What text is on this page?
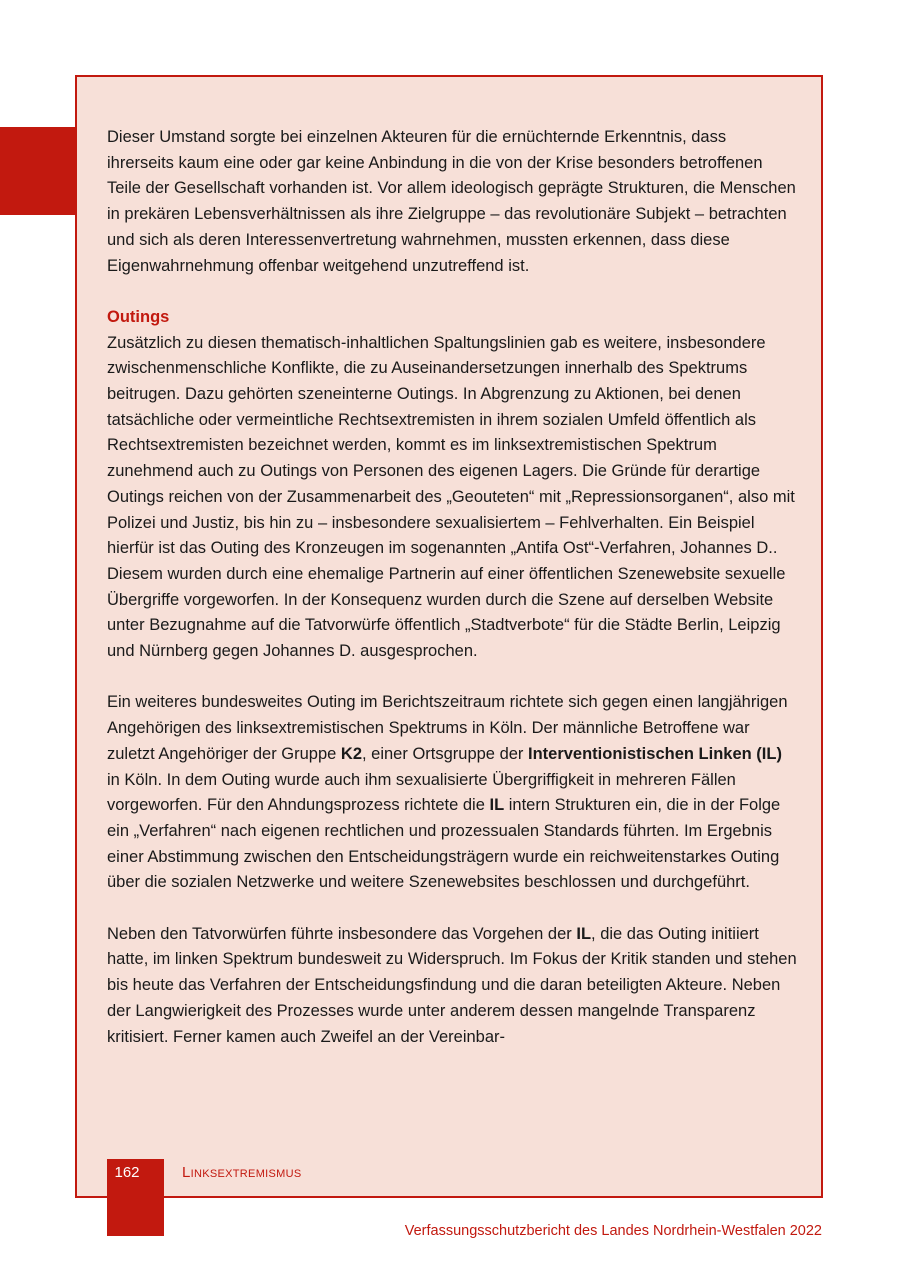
Dieser Umstand sorgte bei einzelnen Akteuren für die ernüchternde Erkenntnis, dass ihrerseits kaum eine oder gar keine Anbindung in die von der Krise besonders betroffenen Teile der Gesellschaft vorhanden ist. Vor allem ideologisch geprägte Strukturen, die Menschen in prekären Lebensverhältnissen als ihre Zielgruppe – das revolutionäre Subjekt – betrachten und sich als deren Interessenvertretung wahrnehmen, mussten erkennen, dass diese Eigenwahrnehmung offenbar weitgehend unzutreffend ist.

Outings

Zusätzlich zu diesen thematisch-inhaltlichen Spaltungslinien gab es weitere, insbesondere zwischenmenschliche Konflikte, die zu Auseinandersetzungen innerhalb des Spektrums beitrugen. Dazu gehörten szeneinterne Outings. In Abgrenzung zu Aktionen, bei denen tatsächliche oder vermeintliche Rechtsextremisten in ihrem sozialen Umfeld öffentlich als Rechtsextremisten bezeichnet werden, kommt es im linksextremistischen Spektrum zunehmend auch zu Outings von Personen des eigenen Lagers. Die Gründe für derartige Outings reichen von der Zusammenarbeit des „Geouteten“ mit „Repressionsorganen“, also mit Polizei und Justiz, bis hin zu – insbesondere sexualisiertem – Fehlverhalten. Ein Beispiel hierfür ist das Outing des Kronzeugen im sogenannten „Antifa Ost“-Verfahren, Johannes D.. Diesem wurden durch eine ehemalige Partnerin auf einer öffentlichen Szenewebsite sexuelle Übergriffe vorgeworfen. In der Konsequenz wurden durch die Szene auf derselben Website unter Bezugnahme auf die Tatvorwürfe öffentlich „Stadtverbote“ für die Städte Berlin, Leipzig und Nürnberg gegen Johannes D. ausgesprochen.

Ein weiteres bundesweites Outing im Berichtszeitraum richtete sich gegen einen langjährigen Angehörigen des linksextremistischen Spektrums in Köln. Der männliche Betroffene war zuletzt Angehöriger der Gruppe K2, einer Ortsgruppe der Interventionistischen Linken (IL) in Köln. In dem Outing wurde auch ihm sexualisierte Übergriffigkeit in mehreren Fällen vorgeworfen. Für den Ahndungsprozess richtete die IL intern Strukturen ein, die in der Folge ein „Verfahren“ nach eigenen rechtlichen und prozessualen Standards führten. Im Ergebnis einer Abstimmung zwischen den Entscheidungsträgern wurde ein reichweitenstarkes Outing über die sozialen Netzwerke und weitere Szenewebsites beschlossen und durchgeführt.

Neben den Tatvorwürfen führte insbesondere das Vorgehen der IL, die das Outing initiiert hatte, im linken Spektrum bundesweit zu Widerspruch. Im Fokus der Kritik standen und stehen bis heute das Verfahren der Entscheidungsfindung und die daran beteiligten Akteure. Neben der Langwierigkeit des Prozesses wurde unter anderem dessen mangelnde Transparenz kritisiert. Ferner kamen auch Zweifel an der Vereinbar-

162	Linksextremismus
Verfassungsschutzbericht des Landes Nordrhein-Westfalen 2022
